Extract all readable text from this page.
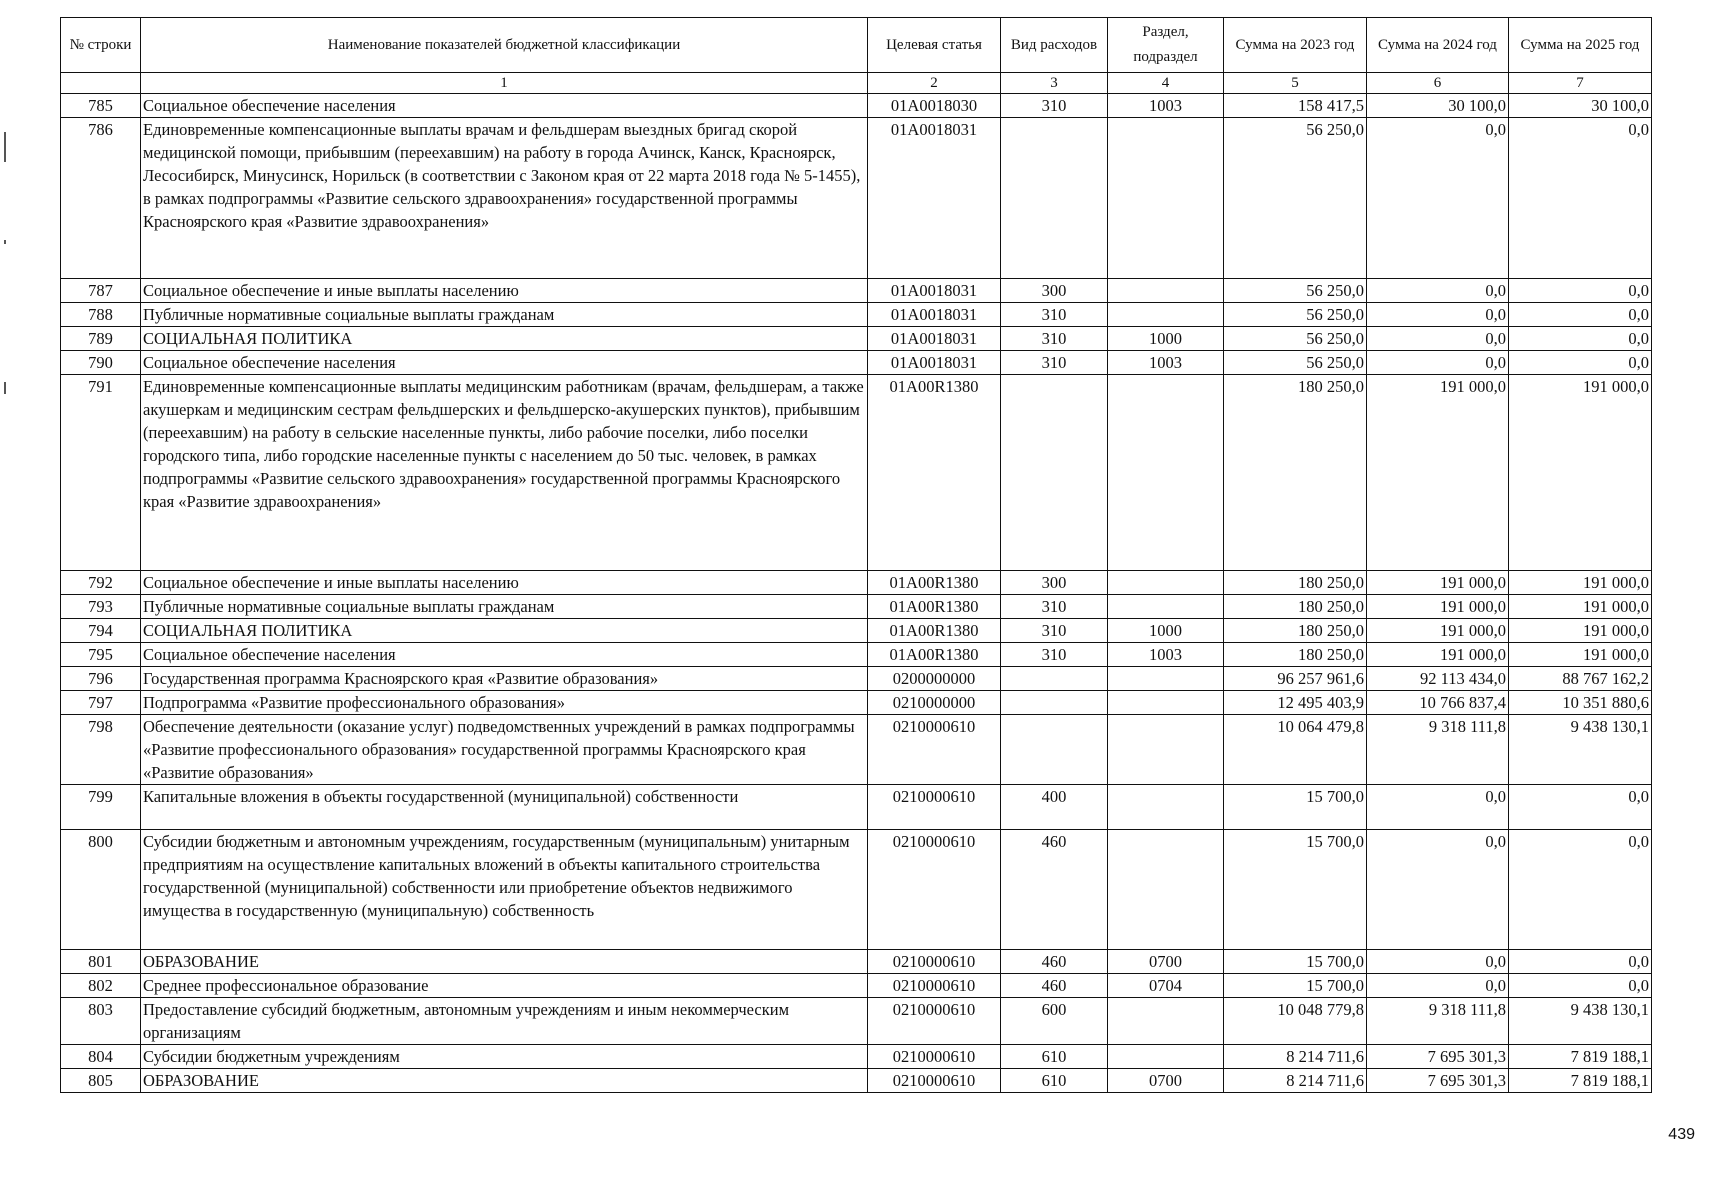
№ строки	Наименование показателей бюджетной классификации	Целевая статья	Вид расходов	Раздел, подраздел	Сумма на 2023 год	Сумма на 2024 год	Сумма на 2025 год
	1	2	3	4	5	6	7
785	Социальное обеспечение населения	01А0018030	310	1003	158 417,5	30 100,0	30 100,0
786	Единовременные компенсационные выплаты врачам и фельдшерам выездных бригад скорой медицинской помощи, прибывшим (переехавшим) на работу в города Ачинск, Канск, Красноярск, Лесосибирск, Минусинск, Норильск (в соответствии с Законом края от 22 марта 2018 года № 5-1455), в рамках подпрограммы «Развитие сельского здравоохранения» государственной программы Красноярского края «Развитие здравоохранения»	01А0018031			56 250,0	0,0	0,0
787	Социальное обеспечение и иные выплаты населению	01А0018031	300		56 250,0	0,0	0,0
788	Публичные нормативные социальные выплаты гражданам	01А0018031	310		56 250,0	0,0	0,0
789	СОЦИАЛЬНАЯ ПОЛИТИКА	01А0018031	310	1000	56 250,0	0,0	0,0
790	Социальное обеспечение населения	01А0018031	310	1003	56 250,0	0,0	0,0
791	Единовременные компенсационные выплаты медицинским работникам (врачам, фельдшерам, а также акушеркам и медицинским сестрам фельдшерских и фельдшерско-акушерских пунктов), прибывшим (переехавшим) на работу в сельские населенные пункты, либо рабочие поселки, либо поселки городского типа, либо городские населенные пункты с населением до 50 тыс. человек, в рамках подпрограммы «Развитие сельского здравоохранения» государственной программы Красноярского края «Развитие здравоохранения»	01А00R1380			180 250,0	191 000,0	191 000,0
792	Социальное обеспечение и иные выплаты населению	01А00R1380	300		180 250,0	191 000,0	191 000,0
793	Публичные нормативные социальные выплаты гражданам	01А00R1380	310		180 250,0	191 000,0	191 000,0
794	СОЦИАЛЬНАЯ ПОЛИТИКА	01А00R1380	310	1000	180 250,0	191 000,0	191 000,0
795	Социальное обеспечение населения	01А00R1380	310	1003	180 250,0	191 000,0	191 000,0
796	Государственная программа Красноярского края «Развитие образования»	0200000000			96 257 961,6	92 113 434,0	88 767 162,2
797	Подпрограмма «Развитие профессионального образования»	0210000000			12 495 403,9	10 766 837,4	10 351 880,6
798	Обеспечение деятельности (оказание услуг) подведомственных учреждений в рамках подпрограммы «Развитие профессионального образования» государственной программы Красноярского края «Развитие образования»	0210000610			10 064 479,8	9 318 111,8	9 438 130,1
799	Капитальные вложения в объекты государственной (муниципальной) собственности	0210000610	400		15 700,0	0,0	0,0
800	Субсидии бюджетным и автономным учреждениям, государственным (муниципальным) унитарным предприятиям на осуществление капитальных вложений в объекты капитального строительства государственной (муниципальной) собственности или приобретение объектов недвижимого имущества в государственную (муниципальную) собственность	0210000610	460		15 700,0	0,0	0,0
801	ОБРАЗОВАНИЕ	0210000610	460	0700	15 700,0	0,0	0,0
802	Среднее профессиональное образование	0210000610	460	0704	15 700,0	0,0	0,0
803	Предоставление субсидий бюджетным, автономным учреждениям и иным некоммерческим организациям	0210000610	600		10 048 779,8	9 318 111,8	9 438 130,1
804	Субсидии бюджетным учреждениям	0210000610	610		8 214 711,6	7 695 301,3	7 819 188,1
805	ОБРАЗОВАНИЕ	0210000610	610	0700	8 214 711,6	7 695 301,3	7 819 188,1
439
